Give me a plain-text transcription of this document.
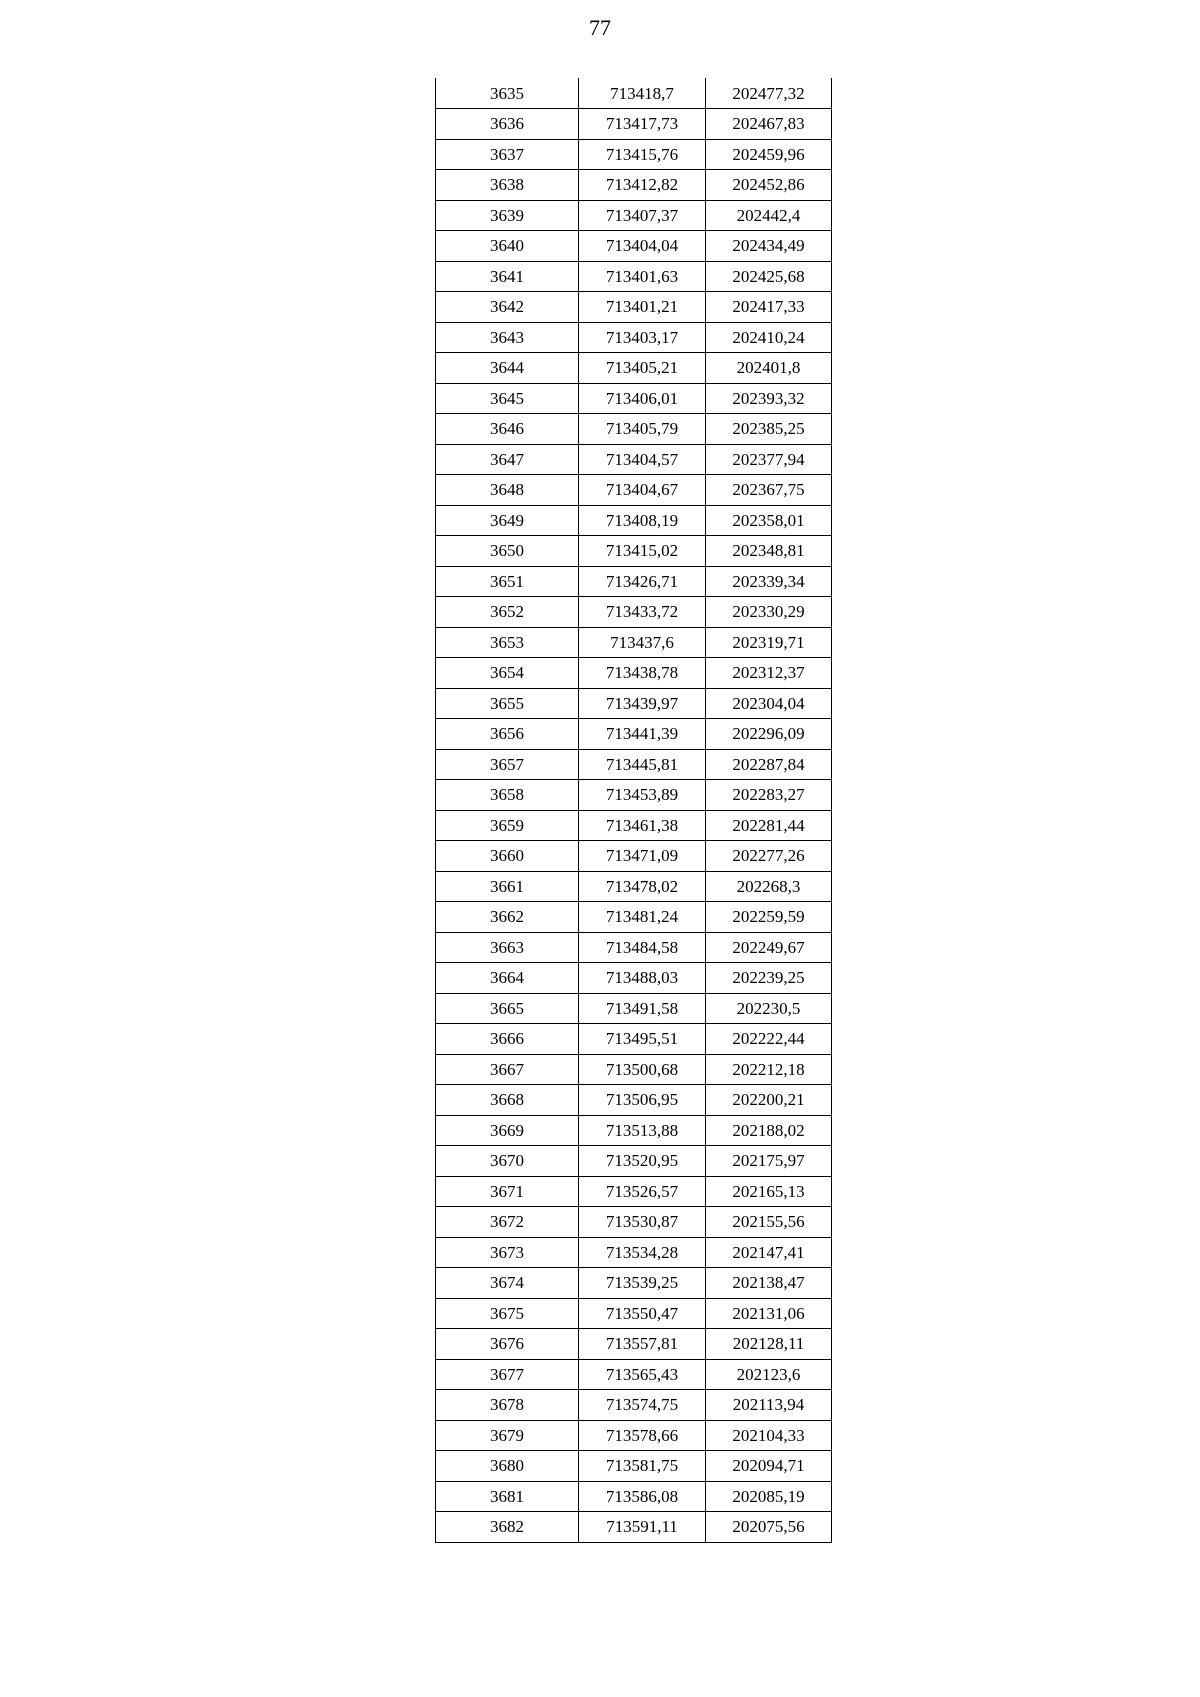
77
3635	713418,7	202477,32
3636	713417,73	202467,83
3637	713415,76	202459,96
3638	713412,82	202452,86
3639	713407,37	202442,4
3640	713404,04	202434,49
3641	713401,63	202425,68
3642	713401,21	202417,33
3643	713403,17	202410,24
3644	713405,21	202401,8
3645	713406,01	202393,32
3646	713405,79	202385,25
3647	713404,57	202377,94
3648	713404,67	202367,75
3649	713408,19	202358,01
3650	713415,02	202348,81
3651	713426,71	202339,34
3652	713433,72	202330,29
3653	713437,6	202319,71
3654	713438,78	202312,37
3655	713439,97	202304,04
3656	713441,39	202296,09
3657	713445,81	202287,84
3658	713453,89	202283,27
3659	713461,38	202281,44
3660	713471,09	202277,26
3661	713478,02	202268,3
3662	713481,24	202259,59
3663	713484,58	202249,67
3664	713488,03	202239,25
3665	713491,58	202230,5
3666	713495,51	202222,44
3667	713500,68	202212,18
3668	713506,95	202200,21
3669	713513,88	202188,02
3670	713520,95	202175,97
3671	713526,57	202165,13
3672	713530,87	202155,56
3673	713534,28	202147,41
3674	713539,25	202138,47
3675	713550,47	202131,06
3676	713557,81	202128,11
3677	713565,43	202123,6
3678	713574,75	202113,94
3679	713578,66	202104,33
3680	713581,75	202094,71
3681	713586,08	202085,19
3682	713591,11	202075,56
